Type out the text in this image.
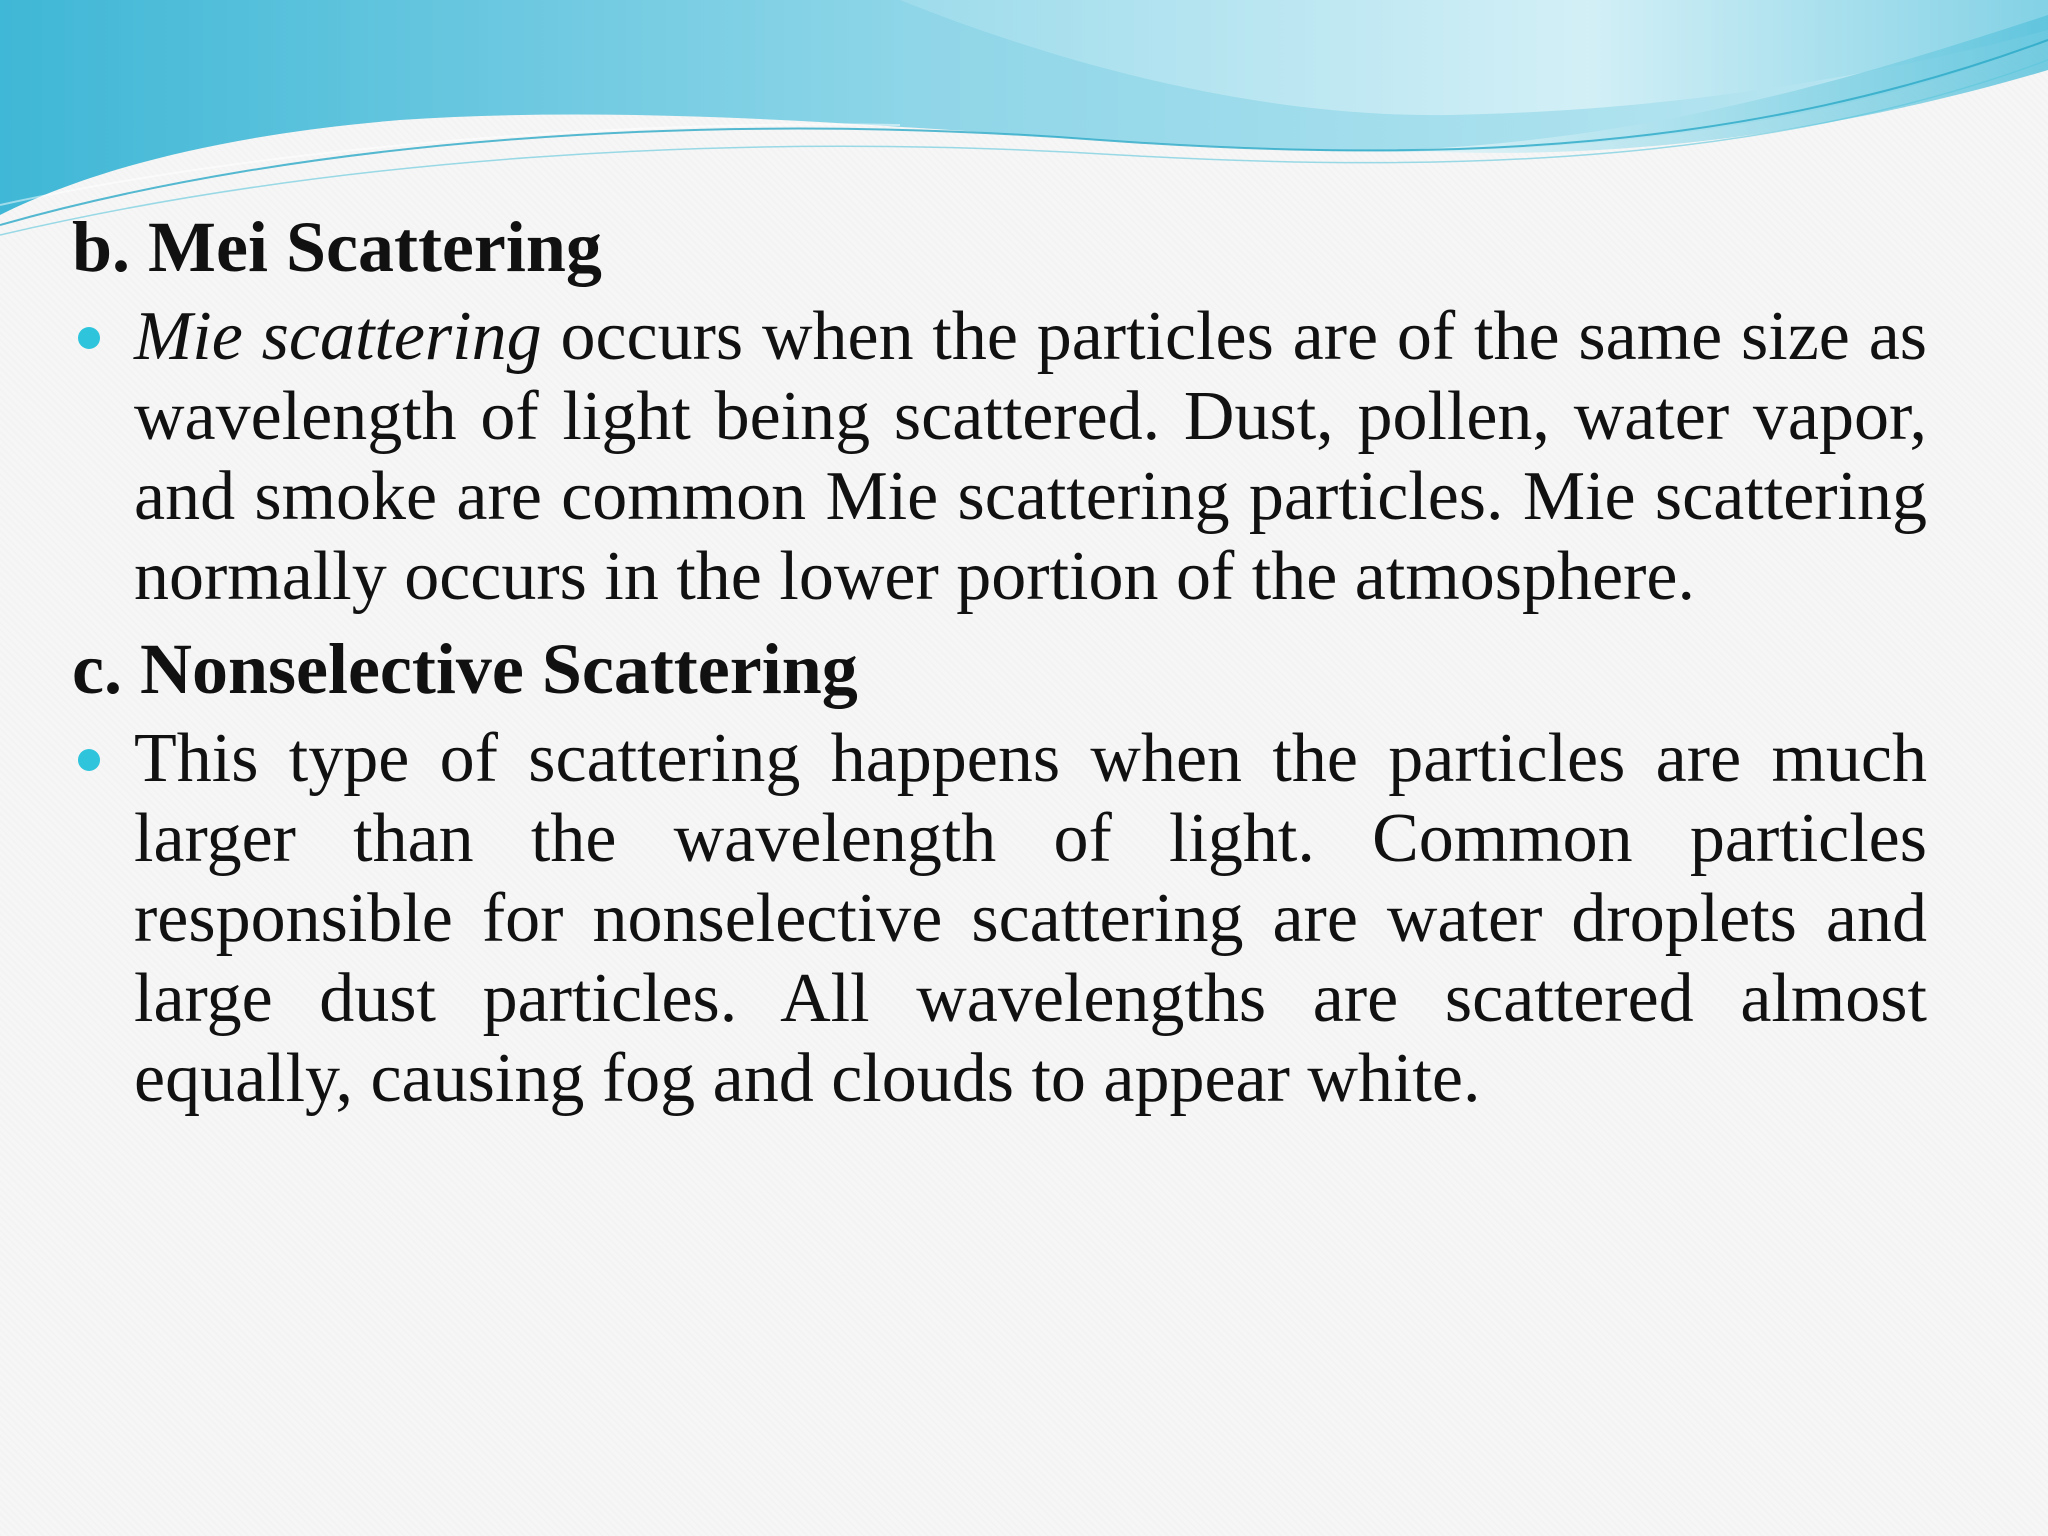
b. Mei Scattering

Mie scattering occurs when the particles are of the same size as wavelength of light being scattered. Dust, pollen, water vapor, and smoke are common Mie scattering particles. Mie scattering normally occurs in the lower portion of the atmosphere.

c. Nonselective Scattering

This type of scattering happens when the particles are much larger than the wavelength of light. Common particles responsible for nonselective scattering are water droplets and large dust particles. All wavelengths are scattered almost equally, causing fog and clouds to appear white.
